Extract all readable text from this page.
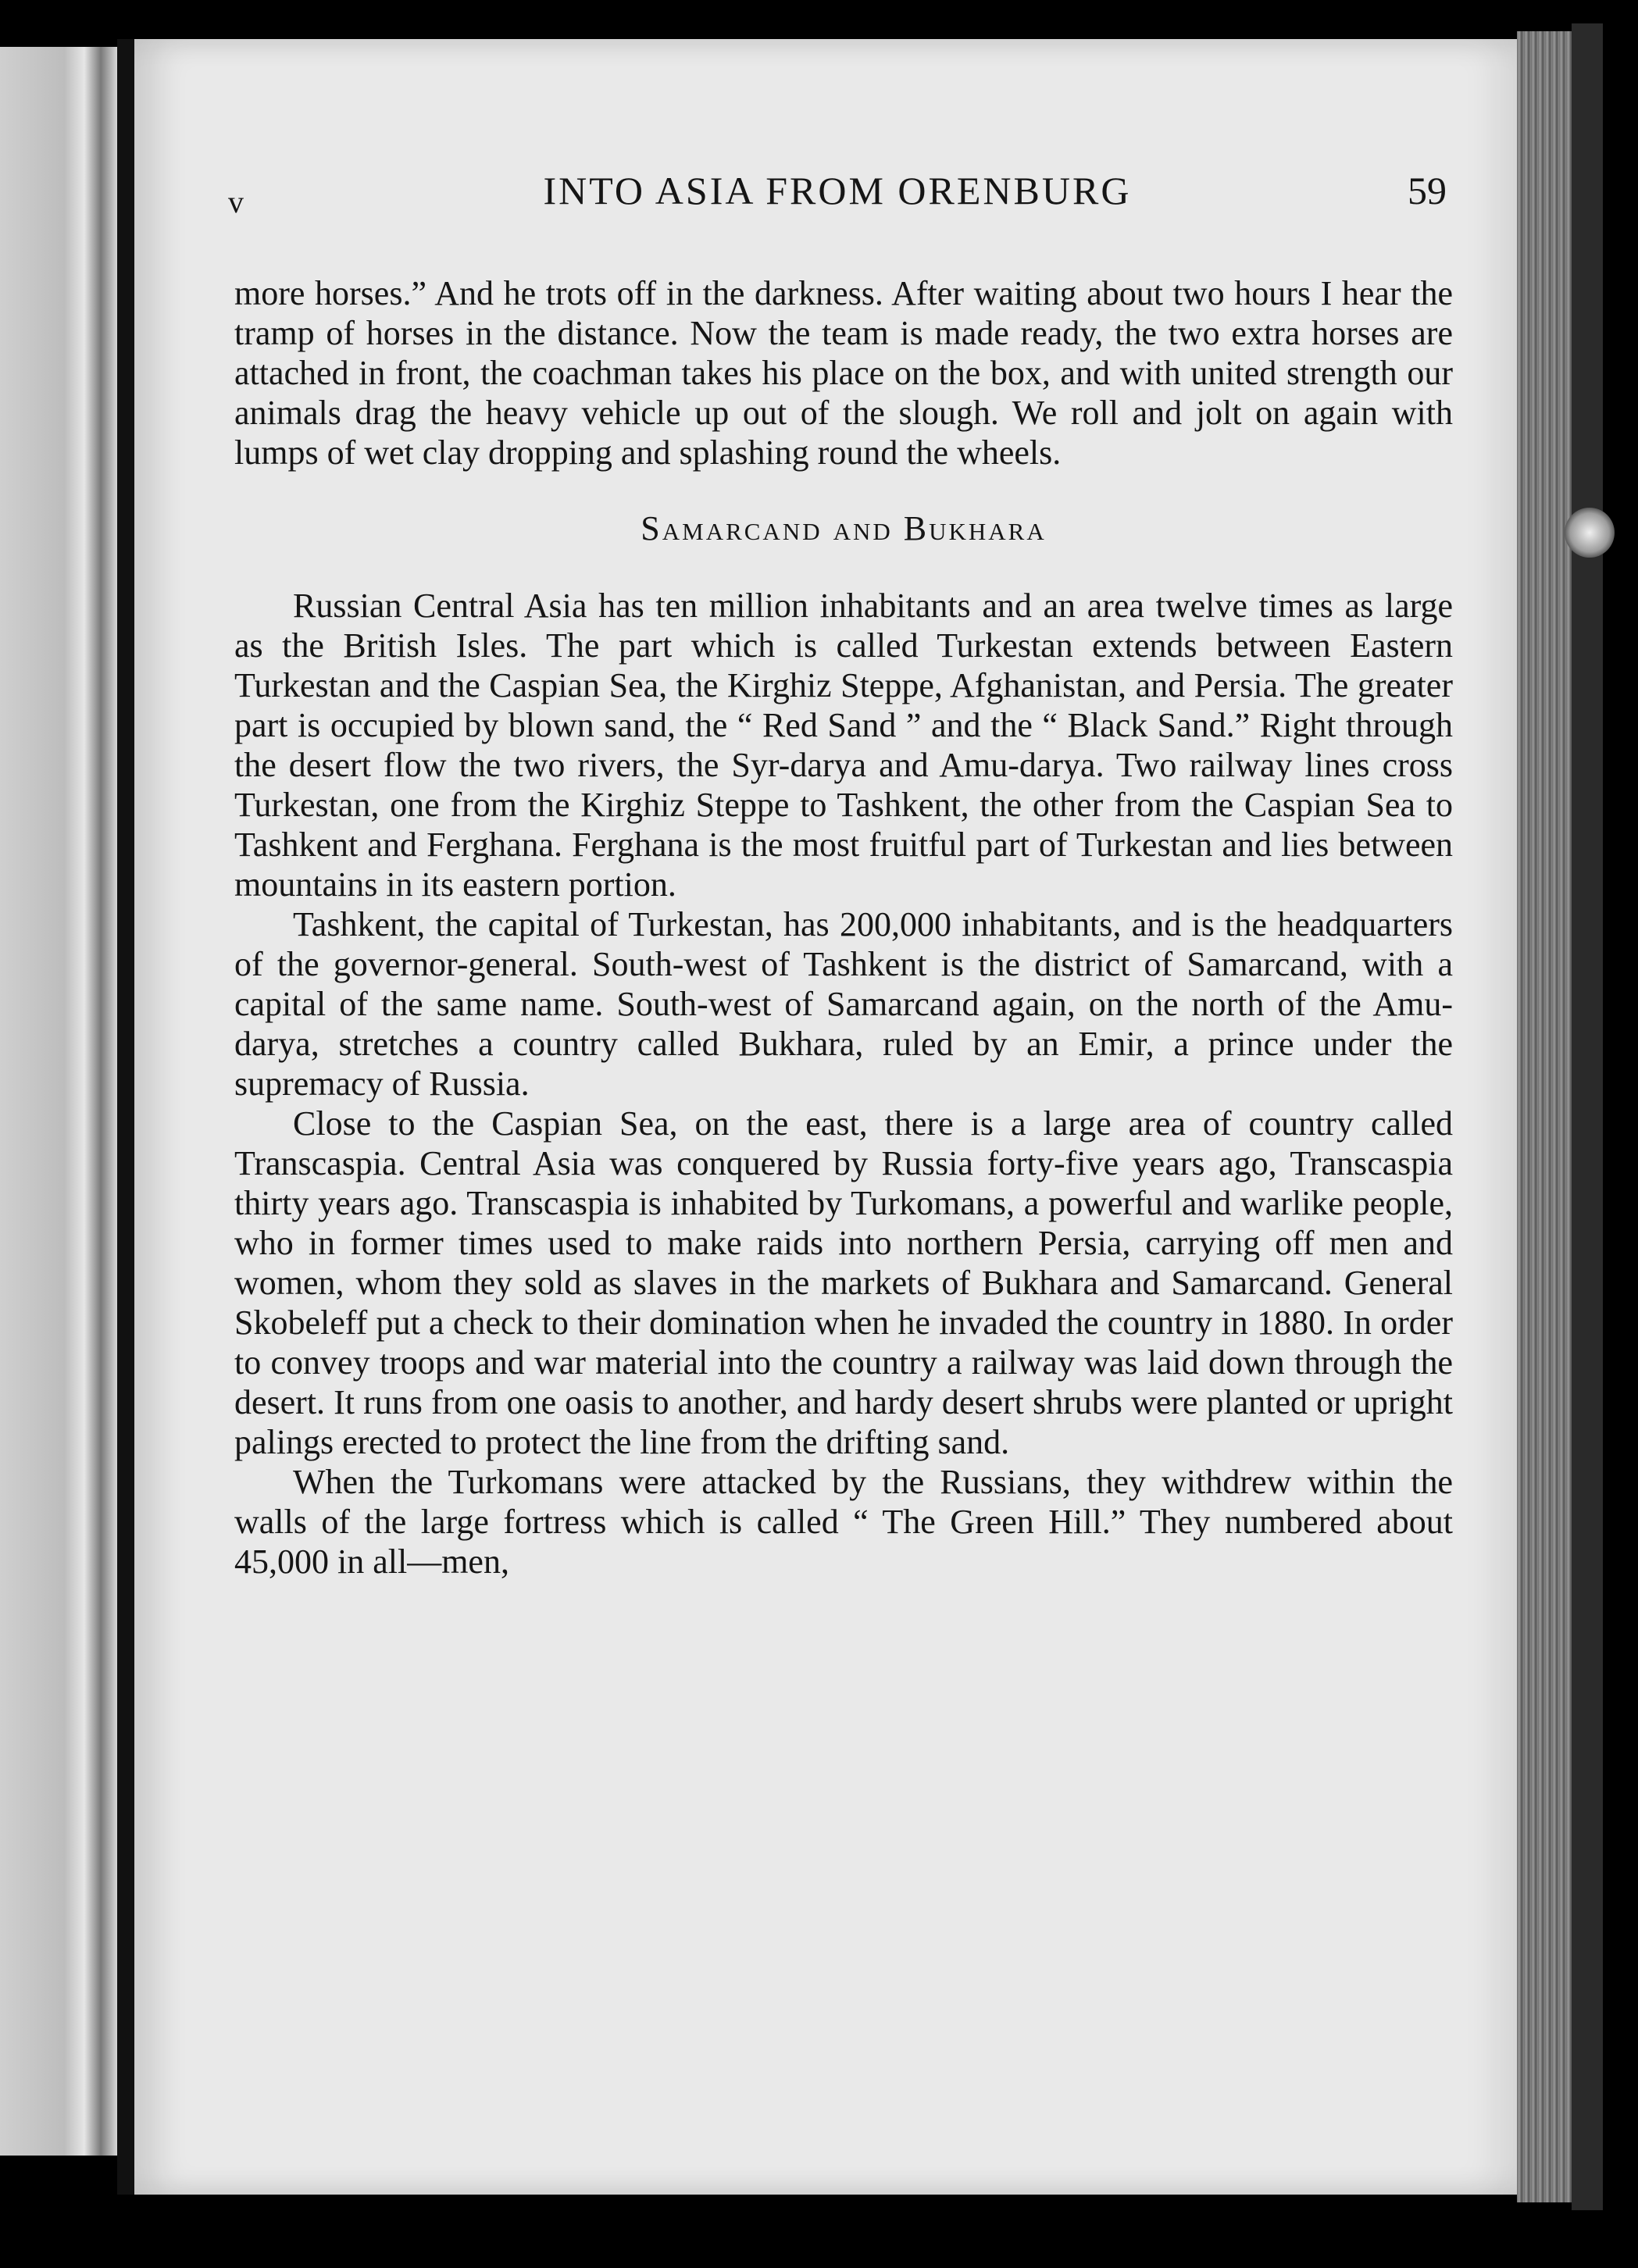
v	INTO ASIA FROM ORENBURG	59

more horses.” And he trots off in the darkness. After waiting about two hours I hear the tramp of horses in the distance. Now the team is made ready, the two extra horses are attached in front, the coachman takes his place on the box, and with united strength our animals drag the heavy vehicle up out of the slough. We roll and jolt on again with lumps of wet clay dropping and splashing round the wheels.

Samarcand and Bukhara

Russian Central Asia has ten million inhabitants and an area twelve times as large as the British Isles. The part which is called Turkestan extends between Eastern Turkestan and the Caspian Sea, the Kirghiz Steppe, Afghanistan, and Persia. The greater part is occupied by blown sand, the “ Red Sand ” and the “ Black Sand.” Right through the desert flow the two rivers, the Syr-darya and Amu-darya. Two railway lines cross Turkestan, one from the Kirghiz Steppe to Tashkent, the other from the Caspian Sea to Tashkent and Ferghana. Ferghana is the most fruitful part of Turkestan and lies between mountains in its eastern portion.

Tashkent, the capital of Turkestan, has 200,000 inhabitants, and is the headquarters of the governor-general. South-west of Tashkent is the district of Samarcand, with a capital of the same name. South-west of Samarcand again, on the north of the Amu-darya, stretches a country called Bukhara, ruled by an Emir, a prince under the supremacy of Russia.

Close to the Caspian Sea, on the east, there is a large area of country called Transcaspia. Central Asia was conquered by Russia forty-five years ago, Transcaspia thirty years ago. Transcaspia is inhabited by Turkomans, a powerful and warlike people, who in former times used to make raids into northern Persia, carrying off men and women, whom they sold as slaves in the markets of Bukhara and Samarcand. General Skobeleff put a check to their domination when he invaded the country in 1880. In order to convey troops and war material into the country a railway was laid down through the desert. It runs from one oasis to another, and hardy desert shrubs were planted or upright palings erected to protect the line from the drifting sand.

When the Turkomans were attacked by the Russians, they withdrew within the walls of the large fortress which is called “ The Green Hill.” They numbered about 45,000 in all—men,
